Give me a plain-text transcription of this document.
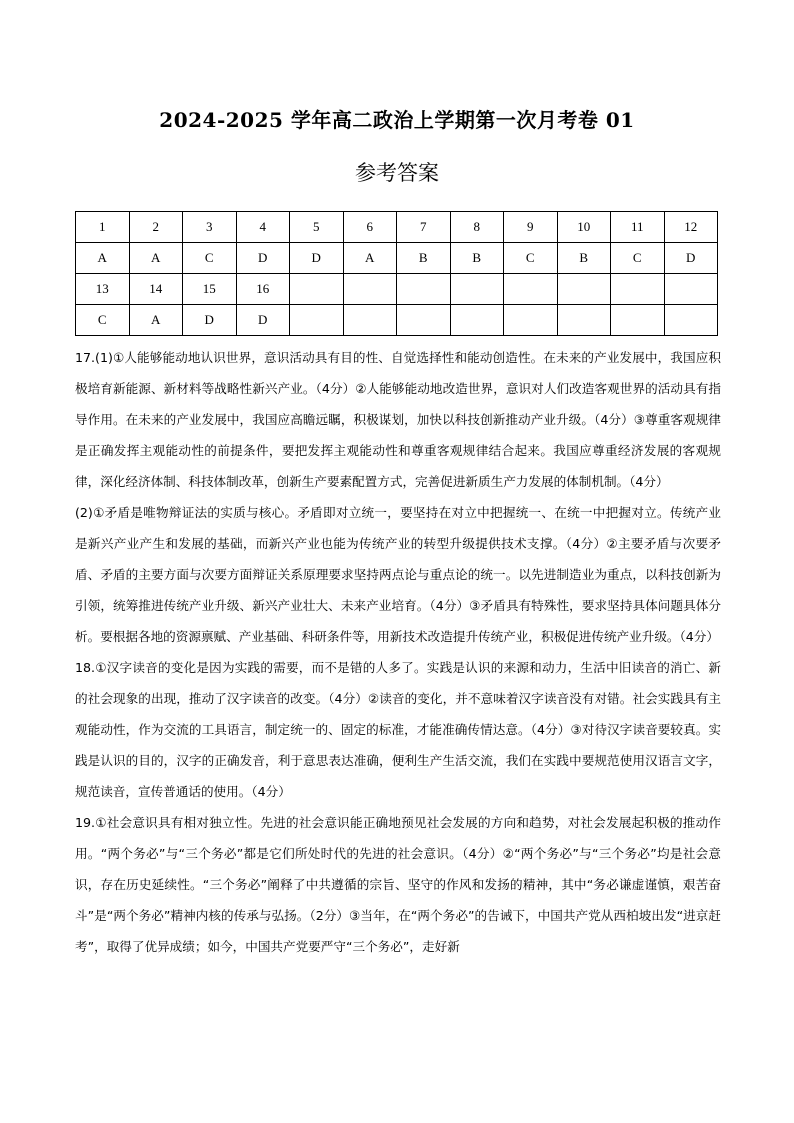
2024-2025 学年高二政治上学期第一次月考卷 01
参考答案
1	2	3	4	5	6	7	8	9	10	11	12
A	A	C	D	D	A	B	B	C	B	C	D
13	14	15	16								
C	A	D	D								

17.(1)①人能够能动地认识世界，意识活动具有目的性、自觉选择性和能动创造性。在未来的产业发展中，我国应积极培育新能源、新材料等战略性新兴产业。（4分）②人能够能动地改造世界，意识对人们改造客观世界的活动具有指导作用。在未来的产业发展中，我国应高瞻远瞩，积极谋划，加快以科技创新推动产业升级。（4分）③尊重客观规律是正确发挥主观能动性的前提条件，要把发挥主观能动性和尊重客观规律结合起来。我国应尊重经济发展的客观规律，深化经济体制、科技体制改革，创新生产要素配置方式，完善促进新质生产力发展的体制机制。（4分）

(2)①矛盾是唯物辩证法的实质与核心。矛盾即对立统一，要坚持在对立中把握统一、在统一中把握对立。传统产业是新兴产业产生和发展的基础，而新兴产业也能为传统产业的转型升级提供技术支撑。（4分）②主要矛盾与次要矛盾、矛盾的主要方面与次要方面辩证关系原理要求坚持两点论与重点论的统一。以先进制造业为重点，以科技创新为引领，统筹推进传统产业升级、新兴产业壮大、未来产业培育。（4分）③矛盾具有特殊性，要求坚持具体问题具体分析。要根据各地的资源禀赋、产业基础、科研条件等，用新技术改造提升传统产业，积极促进传统产业升级。（4分）

18.①汉字读音的变化是因为实践的需要，而不是错的人多了。实践是认识的来源和动力，生活中旧读音的消亡、新的社会现象的出现，推动了汉字读音的改变。（4分）②读音的变化，并不意味着汉字读音没有对错。社会实践具有主观能动性，作为交流的工具语言，制定统一的、固定的标准，才能准确传情达意。（4分）③对待汉字读音要较真。实践是认识的目的，汉字的正确发音，利于意思表达准确，便利生产生活交流，我们在实践中要规范使用汉语言文字，规范读音，宣传普通话的使用。（4分）

19.①社会意识具有相对独立性。先进的社会意识能正确地预见社会发展的方向和趋势，对社会发展起积极的推动作用。“两个务必”与“三个务必”都是它们所处时代的先进的社会意识。（4分）②“两个务必”与“三个务必”均是社会意识，存在历史延续性。“三个务必”阐释了中共遵循的宗旨、坚守的作风和发扬的精神，其中“务必谦虚谨慎，艰苦奋斗”是“两个务必”精神内核的传承与弘扬。（2分）③当年，在“两个务必”的告诫下，中国共产党从西柏坡出发“进京赶考”，取得了优异成绩；如今，中国共产党要严守“三个务必”，走好新
